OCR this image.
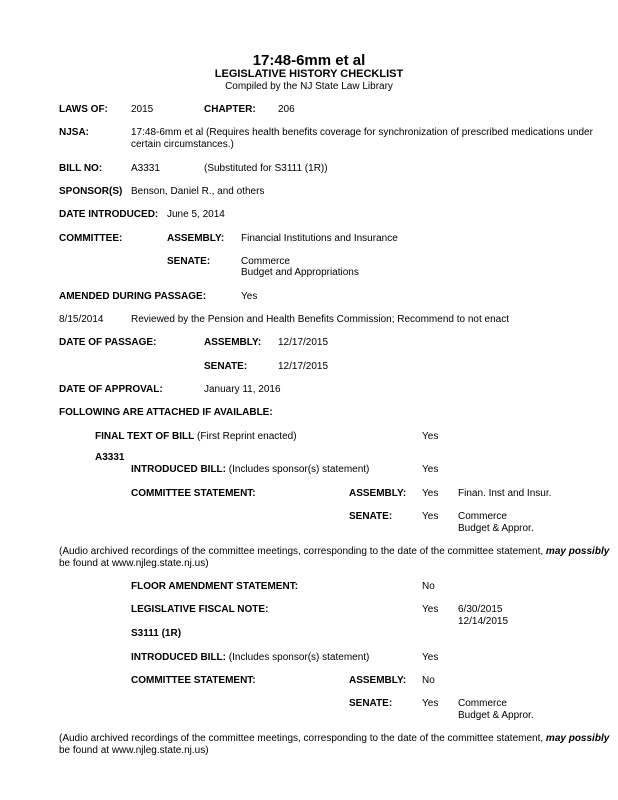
17:48-6mm et al
LEGISLATIVE HISTORY CHECKLIST
Compiled by the NJ State Law Library
LAWS OF: 2015	CHAPTER: 206
NJSA:	17:48-6mm et al (Requires health benefits coverage for synchronization of prescribed medications under
certain circumstances.)
BILL NO:	A3331	(Substituted for S3111 (1R))
SPONSOR(S) Benson, Daniel R., and others
DATE INTRODUCED: June 5, 2014
COMMITTEE:	ASSEMBLY: Financial Institutions and Insurance
SENATE:	Commerce
Budget and Appropriations
AMENDED DURING PASSAGE:	Yes
8/15/2014	Reviewed by the Pension and Health Benefits Commission; Recommend to not enact
DATE OF PASSAGE:	ASSEMBLY: 12/17/2015
SENATE:	12/17/2015
DATE OF APPROVAL:	January 11, 2016
FOLLOWING ARE ATTACHED IF AVAILABLE:
FINAL TEXT OF BILL (First Reprint enacted)	Yes
A3331
INTRODUCED BILL: (Includes sponsor(s) statement)	Yes
COMMITTEE STATEMENT:	ASSEMBLY: Yes Finan. Inst and Insur.
SENATE:	Yes Commerce
Budget & Appror.
(Audio archived recordings of the committee meetings, corresponding to the date of the committee statement, may possibly
be found at www.njleg.state.nj.us)
FLOOR AMENDMENT STATEMENT:	No
LEGISLATIVE FISCAL NOTE:	Yes 6/30/2015
12/14/2015
S3111 (1R)
INTRODUCED BILL: (Includes sponsor(s) statement)	Yes
COMMITTEE STATEMENT:	ASSEMBLY: No
SENATE:	Yes Commerce
Budget & Appror.
(Audio archived recordings of the committee meetings, corresponding to the date of the committee statement, may possibly
be found at www.njleg.state.nj.us)
